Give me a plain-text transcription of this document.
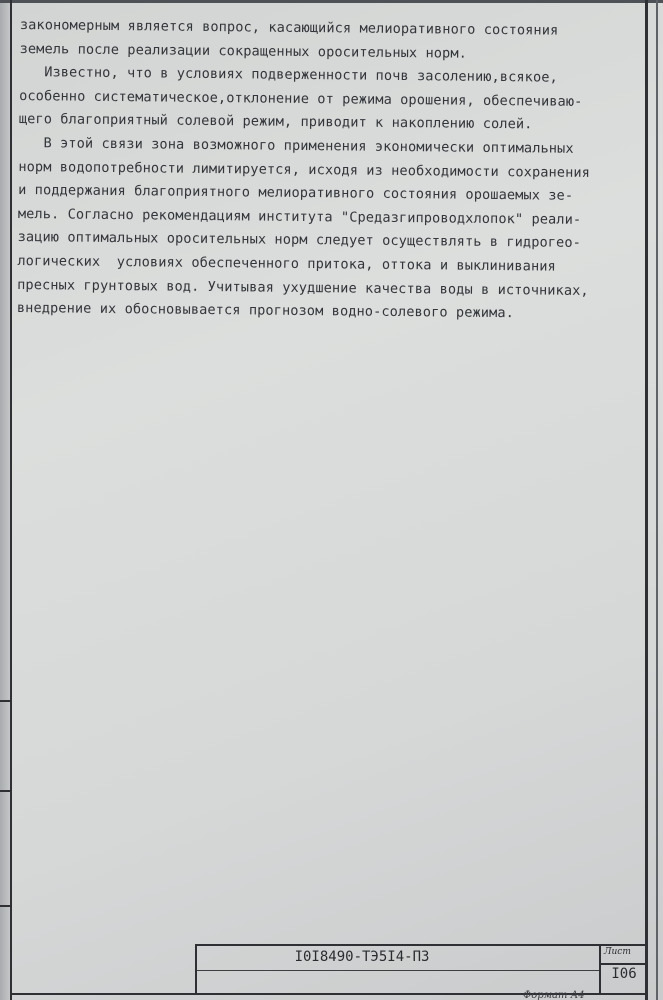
закономерным является вопрос, касающийся мелиоративного состояния
земель после реализации сокращенных оросительных норм.
Известно, что в условиях подверженности почв засолению,всякое,
особенно систематическое,отклонение от режима орошения, обеспечиваю-
щего благоприятный солевой режим, приводит к накоплению солей.
В этой связи зона возможного применения экономически оптимальных
норм водопотребности лимитируется, исходя из необходимости сохранения
и поддержания благоприятного мелиоративного состояния орошаемых зе-
мель. Согласно рекомендациям института "Средазгипроводхлопок" реали-
зацию оптимальных оросительных норм следует осуществлять в гидрогео-
логических  условиях обеспеченного притока, оттока и выклинивания
пресных грунтовых вод. Учитывая ухудшение качества воды в источниках,
внедрение их обосновывается прогнозом водно-солевого режима.
I0I8490-ТЭ5I4-ПЗ	Лист
I06
Формат А4
